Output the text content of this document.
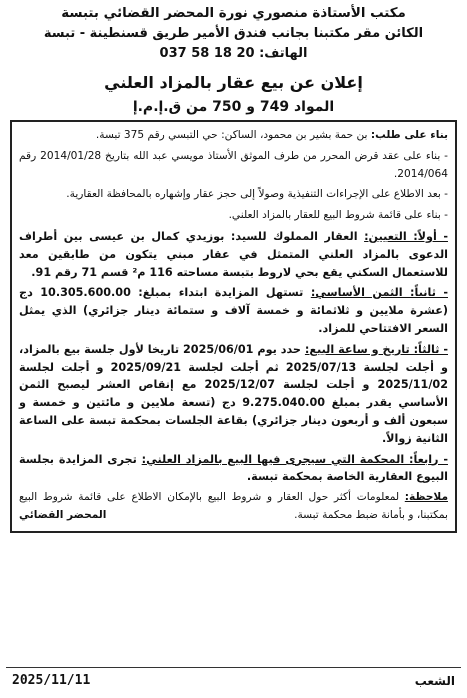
مكتب الأستاذة منصوري نورة المحضر القضائي بتبسة
الكائن مقر مكتبنا بجانب فندق الأمير طريق قسنطينة - تبسة
الهاتف: 20 18 58 037
إعلان عن بيع عقار بالمزاد العلني
المواد 749 و 750 من ق.إ.م.إ

بناء على طلب: بن حمة بشير بن محمود، الساكن: حي التبسي رقم 375 تبسة.

- بناء على عقد قرض المحرر من طرف الموثق الأستاذ مويسي عبد الله بتاريخ 2014/01/28 رقم 2014/064.

- بعد الاطلاع على الإجراءات التنفيذية وصولاً إلى حجز عقار وإشهاره بالمحافظة العقارية.

- بناء على قائمة شروط البيع للعقار بالمزاد العلني.

- أولاً: التعيين: العقار المملوك للسيد: بوزيدي كمال بن عيسى بين أطراف الدعوى بالمزاد العلني المتمثل في عقار مبني يتكون من طابقين معد للاستعمال السكني يقع بحي لاروط بتبسة مساحته 116 م² قسم 71 رقم 91.

- ثانياً: الثمن الأساسي: تستهل المزايدة ابتداء بمبلغ: 10.305.600.00 دج (عشرة ملايين و ثلاثمائة و خمسة آلاف و ستمائة دينار جزائري) الذي يمثل السعر الافتتاحي للمزاد.

- ثالثاً: تاريخ و ساعة البيع: حدد يوم 2025/06/01 تاريخا لأول جلسة بيع بالمزاد، و أجلت لجلسة 2025/07/13 ثم أجلت لجلسة 2025/09/21 و أجلت لجلسة 2025/11/02 و أجلت لجلسة 2025/12/07 مع إنقاص العشر ليصبح الثمن الأساسي يقدر بمبلغ 9.275.040.00 دج (تسعة ملايين و مائتين و خمسة و سبعون ألف و أربعون دينار جزائري) بقاعة الجلسات بمحكمة تبسة على الساعة الثانية زوالاً.

- رابعاً: المحكمة التي سيجرى فيها البيع بالمزاد العلني: تجرى المزايدة بجلسة البيوع العقارية الخاصة بمحكمة تبسة.

ملاحظة: لمعلومات أكثر حول العقار و شروط البيع بالإمكان الاطلاع على قائمة شروط البيع بمكتبنا، و بأمانة ضبط محكمة تبسة.
المحضر القضائي

الشعب
2025/11/11
